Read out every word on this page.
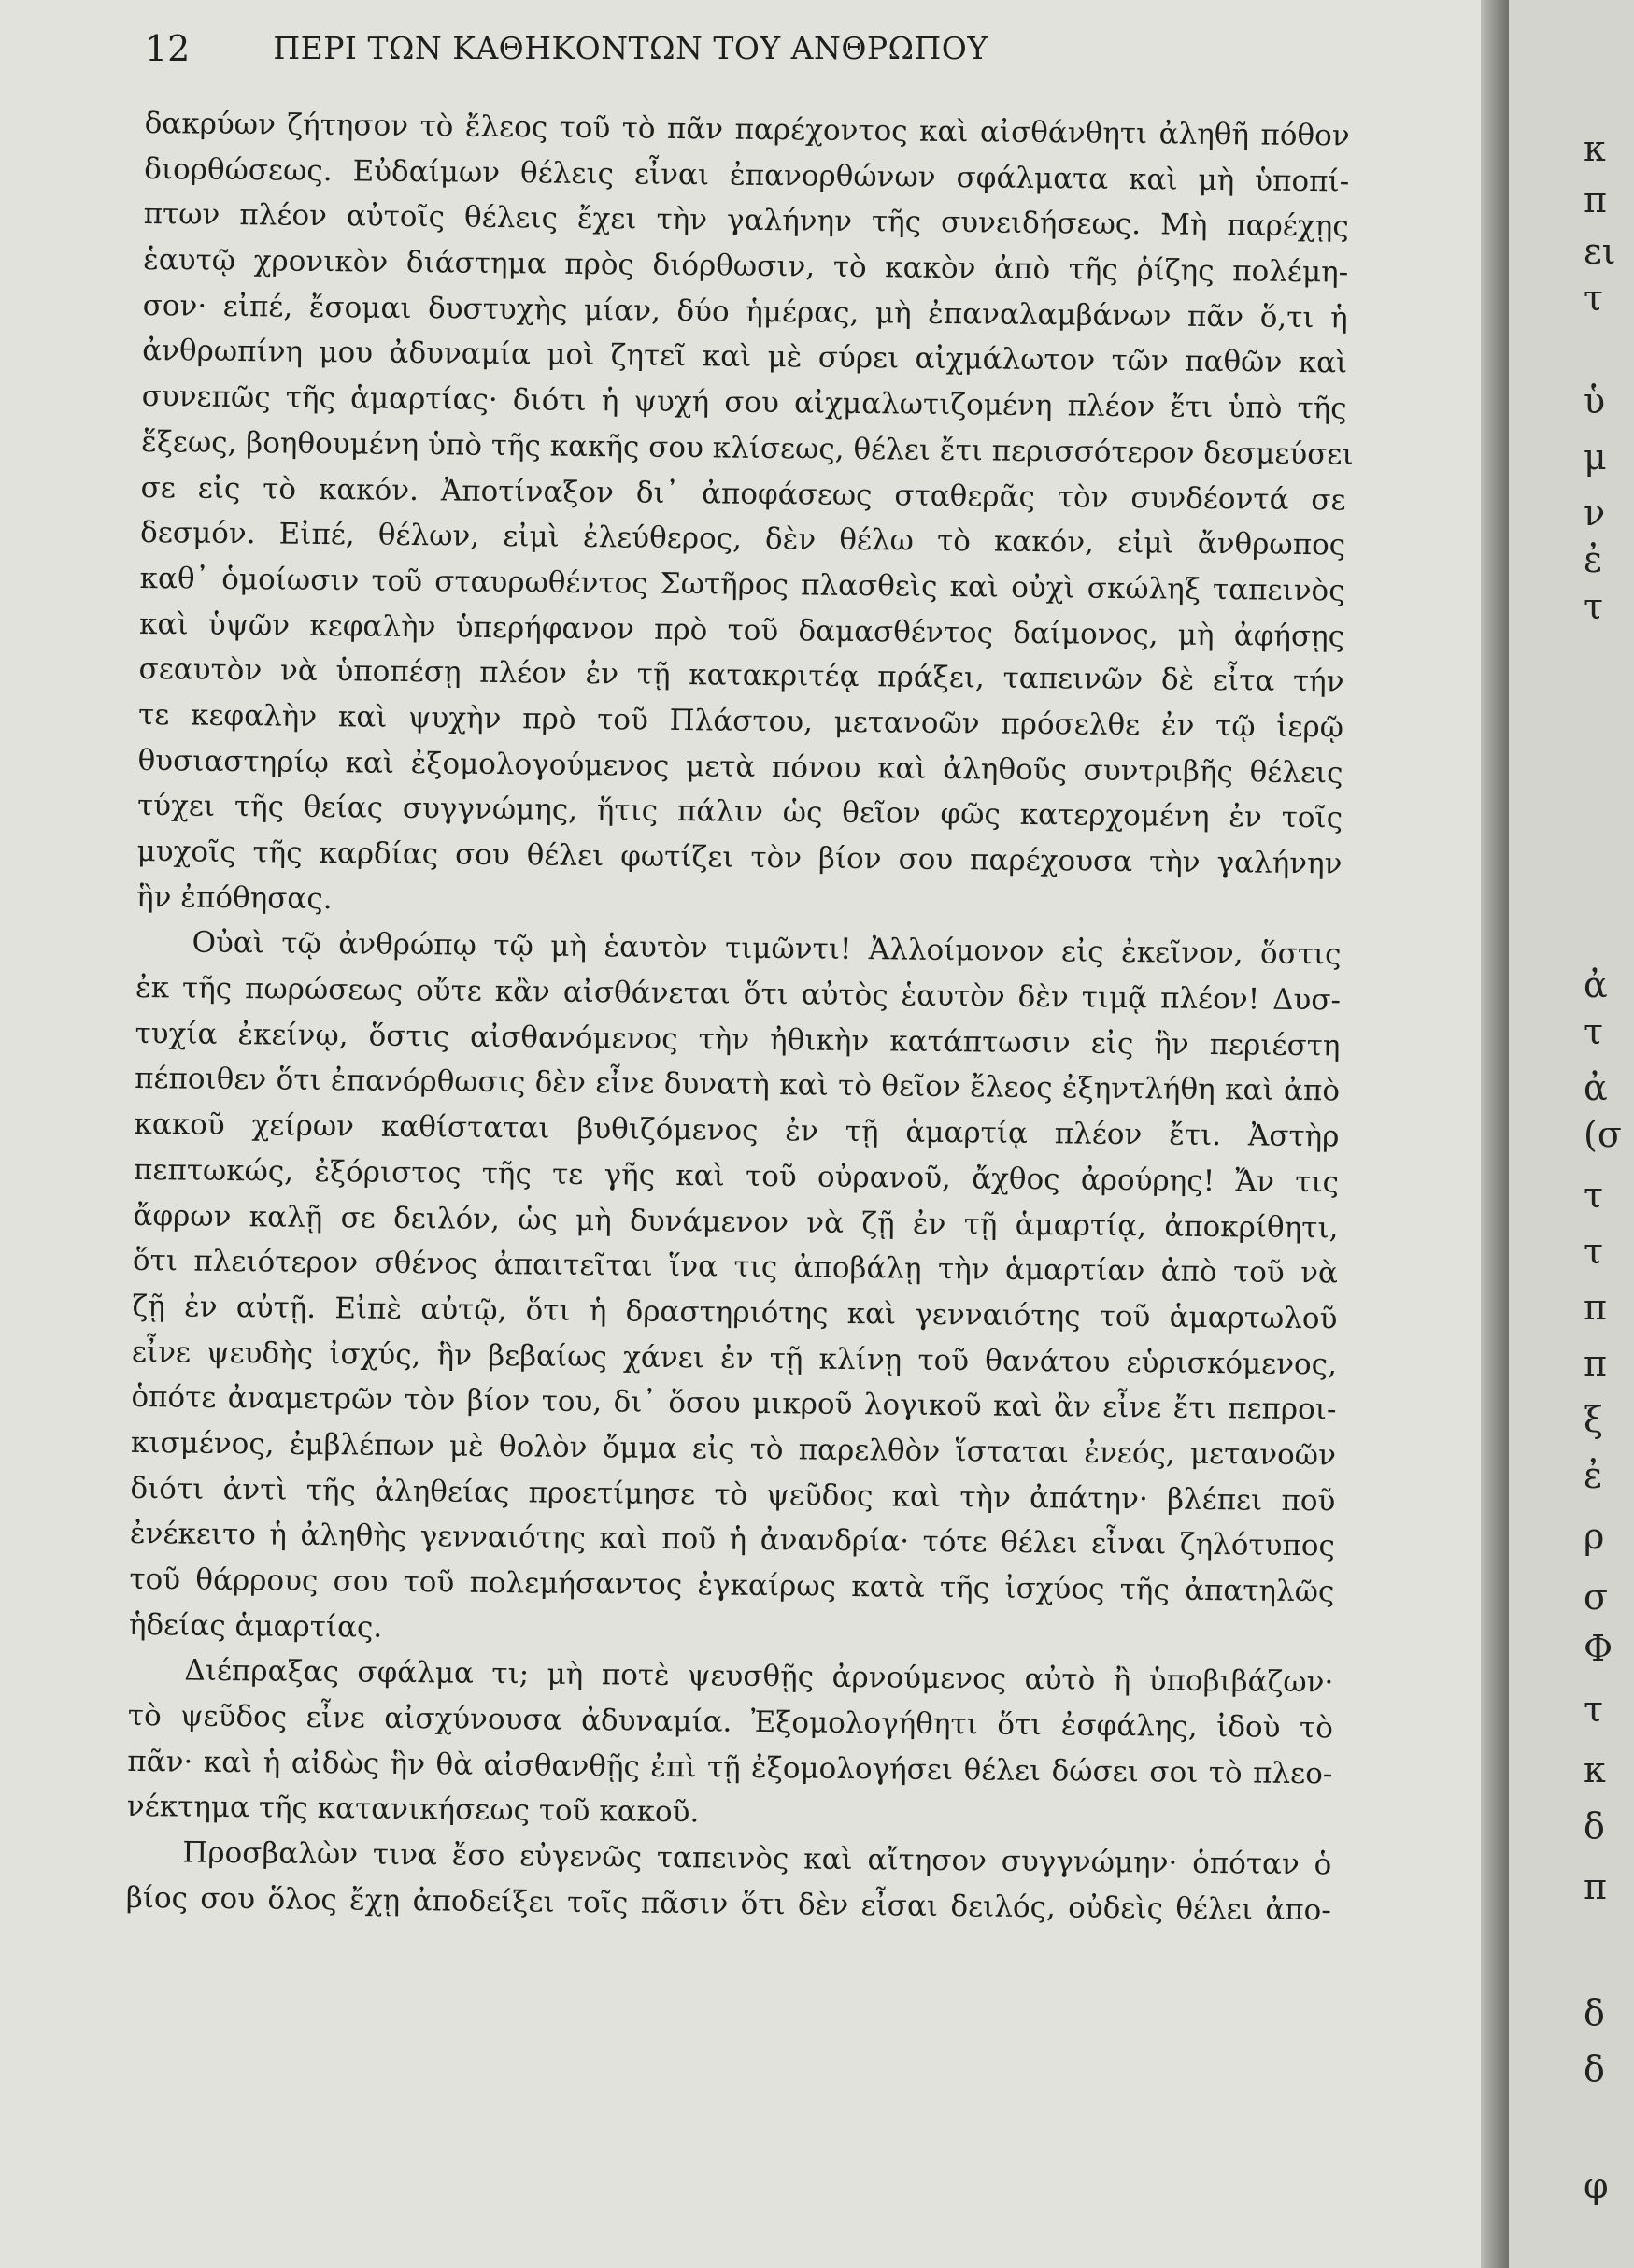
12	ΠΕΡΙ ΤΩΝ ΚΑΘΗΚΟΝΤΩΝ ΤΟΥ ΑΝΘΡΩΠΟΥ
δακρύων ζήτησον τὸ ἔλεος τοῦ τὸ πᾶν παρέχοντος καὶ αἰσθάνθητι ἀληθῆ πόθον
διορθώσεως. Εὐδαίμων θέλεις εἶναι ἐπανορθώνων σφάλματα καὶ μὴ ὑποπί-
πτων πλέον αὐτοῖς θέλεις ἔχει τὴν γαλήνην τῆς συνειδήσεως. Μὴ παρέχῃς
ἑαυτῷ χρονικὸν διάστημα πρὸς διόρθωσιν, τὸ κακὸν ἀπὸ τῆς ῥίζης πολέμη-
σον· εἰπέ, ἔσομαι δυστυχὴς μίαν, δύο ἡμέρας, μὴ ἐπαναλαμβάνων πᾶν ὅ,τι ἡ
ἀνθρωπίνη μου ἀδυναμία μοὶ ζητεῖ καὶ μὲ σύρει αἰχμάλωτον τῶν παθῶν καὶ
συνεπῶς τῆς ἁμαρτίας· διότι ἡ ψυχή σου αἰχμαλωτιζομένη πλέον ἔτι ὑπὸ τῆς
ἕξεως, βοηθουμένη ὑπὸ τῆς κακῆς σου κλίσεως, θέλει ἔτι περισσότερον δεσμεύσει
σε εἰς τὸ κακόν. Ἀποτίναξον δι᾽ ἀποφάσεως σταθερᾶς τὸν συνδέοντά σε
δεσμόν. Εἰπέ, θέλων, εἰμὶ ἐλεύθερος, δὲν θέλω τὸ κακόν, εἰμὶ ἄνθρωπος
καθ᾽ ὁμοίωσιν τοῦ σταυρωθέντος Σωτῆρος πλασθεὶς καὶ οὐχὶ σκώληξ ταπεινὸς
καὶ ὑψῶν κεφαλὴν ὑπερήφανον πρὸ τοῦ δαμασθέντος δαίμονος, μὴ ἀφήσῃς
σεαυτὸν νὰ ὑποπέσῃ πλέον ἐν τῇ κατακριτέᾳ πράξει, ταπεινῶν δὲ εἶτα τήν
τε κεφαλὴν καὶ ψυχὴν πρὸ τοῦ Πλάστου, μετανοῶν πρόσελθε ἐν τῷ ἱερῷ
θυσιαστηρίῳ καὶ ἐξομολογούμενος μετὰ πόνου καὶ ἀληθοῦς συντριβῆς θέλεις
τύχει τῆς θείας συγγνώμης, ἥτις πάλιν ὡς θεῖον φῶς κατερχομένη ἐν τοῖς
μυχοῖς τῆς καρδίας σου θέλει φωτίζει τὸν βίον σου παρέχουσα τὴν γαλήνην
ἣν ἐπόθησας.
Οὐαὶ τῷ ἀνθρώπῳ τῷ μὴ ἑαυτὸν τιμῶντι! Ἀλλοίμονον εἰς ἐκεῖνον, ὅστις
ἐκ τῆς πωρώσεως οὔτε κἂν αἰσθάνεται ὅτι αὐτὸς ἑαυτὸν δὲν τιμᾷ πλέον! Δυσ-
τυχία ἐκείνῳ, ὅστις αἰσθανόμενος τὴν ἠθικὴν κατάπτωσιν εἰς ἣν περιέστη
πέποιθεν ὅτι ἐπανόρθωσις δὲν εἶνε δυνατὴ καὶ τὸ θεῖον ἔλεος ἐξηντλήθη καὶ ἀπὸ
κακοῦ χείρων καθίσταται βυθιζόμενος ἐν τῇ ἁμαρτίᾳ πλέον ἔτι. Ἀστὴρ
πεπτωκώς, ἐξόριστος τῆς τε γῆς καὶ τοῦ οὐρανοῦ, ἄχθος ἀρούρης! Ἄν τις
ἄφρων καλῇ σε δειλόν, ὡς μὴ δυνάμενον νὰ ζῇ ἐν τῇ ἁμαρτίᾳ, ἀποκρίθητι,
ὅτι πλειότερον σθένος ἀπαιτεῖται ἵνα τις ἀποβάλῃ τὴν ἁμαρτίαν ἀπὸ τοῦ νὰ
ζῇ ἐν αὐτῇ. Εἰπὲ αὐτῷ, ὅτι ἡ δραστηριότης καὶ γενναιότης τοῦ ἁμαρτωλοῦ
εἶνε ψευδὴς ἰσχύς, ἣν βεβαίως χάνει ἐν τῇ κλίνῃ τοῦ θανάτου εὑρισκόμενος,
ὁπότε ἀναμετρῶν τὸν βίον του, δι᾽ ὅσου μικροῦ λογικοῦ καὶ ἂν εἶνε ἔτι πεπροι-
κισμένος, ἐμβλέπων μὲ θολὸν ὄμμα εἰς τὸ παρελθὸν ἵσταται ἐνεός, μετανοῶν
διότι ἀντὶ τῆς ἀληθείας προετίμησε τὸ ψεῦδος καὶ τὴν ἀπάτην· βλέπει ποῦ
ἐνέκειτο ἡ ἀληθὴς γενναιότης καὶ ποῦ ἡ ἀνανδρία· τότε θέλει εἶναι ζηλότυπος
τοῦ θάρρους σου τοῦ πολεμήσαντος ἐγκαίρως κατὰ τῆς ἰσχύος τῆς ἀπατηλῶς
ἡδείας ἁμαρτίας.
Διέπραξας σφάλμα τι; μὴ ποτὲ ψευσθῇς ἀρνούμενος αὐτὸ ἢ ὑποβιβάζων·
τὸ ψεῦδος εἶνε αἰσχύνουσα ἀδυναμία. Ἐξομολογήθητι ὅτι ἐσφάλης, ἰδοὺ τὸ
πᾶν· καὶ ἡ αἰδὼς ἣν θὰ αἰσθανθῇς ἐπὶ τῇ ἐξομολογήσει θέλει δώσει σοι τὸ πλεο-
νέκτημα τῆς κατανικήσεως τοῦ κακοῦ.
Προσβαλὼν τινα ἔσο εὐγενῶς ταπεινὸς καὶ αἴτησον συγγνώμην· ὁπόταν ὁ
βίος σου ὅλος ἔχῃ ἀποδείξει τοῖς πᾶσιν ὅτι δὲν εἶσαι δειλός, οὐδεὶς θέλει ἀπο-
κ
π
ει
τ
ὑ
μ
ν
ἐ
τ
ἀ
τ
ἀ
(σ
τ
τ
π
π
ξ
ἐ
ρ
σ
Φ
τ
κ
δ
π
δ
δ
φ
